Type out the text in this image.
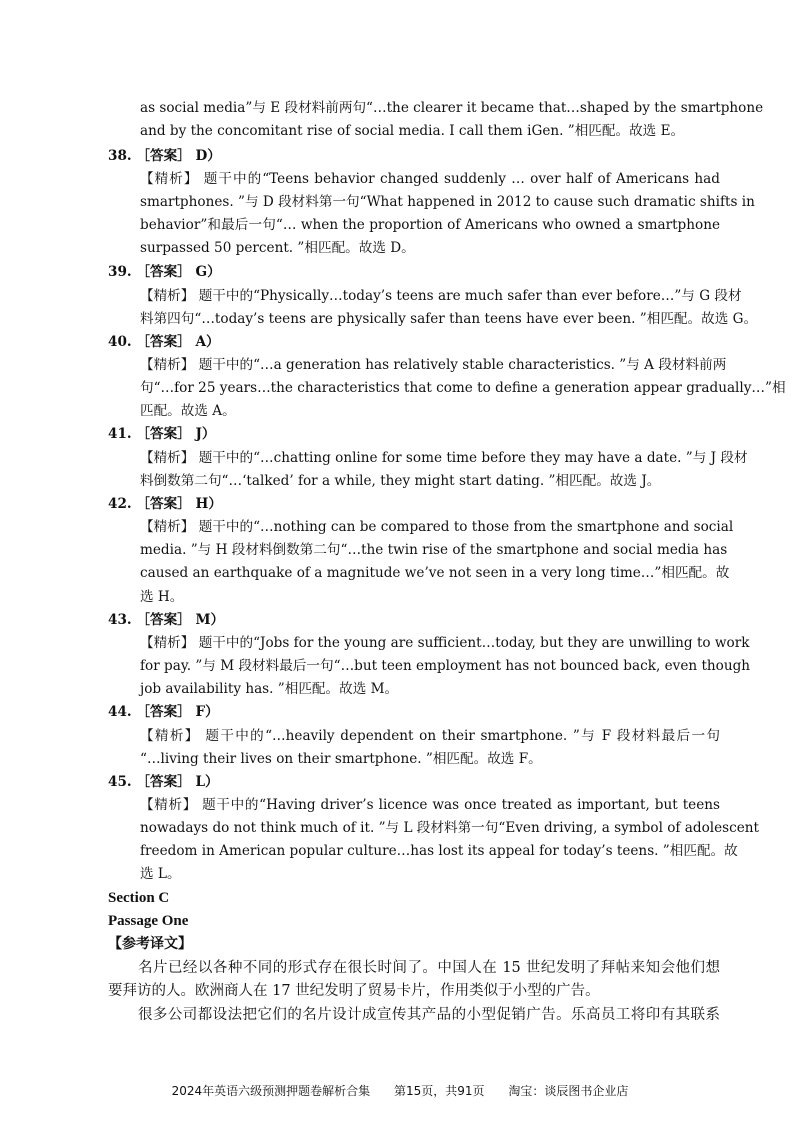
as social media”与 E 段材料前两句“…the clearer it became that…shaped by the smartphone
and by the concomitant rise of social media. I call them iGen. ”相匹配。故选 E。
38. ［答案］ D）
【精析】 题干中的“Teens behavior changed suddenly … over half of Americans had
smartphones. ”与 D 段材料第一句“What happened in 2012 to cause such dramatic shifts in
behavior”和最后一句“… when the proportion of Americans who owned a smartphone
surpassed 50 percent. ”相匹配。故选 D。
39. ［答案］ G）
【精析】 题干中的“Physically…today’s teens are much safer than ever before…”与 G 段材
料第四句“…today’s teens are physically safer than teens have ever been. ”相匹配。故选 G。
40. ［答案］ A）
【精析】 题干中的“…a generation has relatively stable characteristics. ”与 A 段材料前两
句“…for 25 years…the characteristics that come to define a generation appear gradually…”相
匹配。故选 A。
41. ［答案］ J）
【精析】 题干中的“…chatting online for some time before they may have a date. ”与 J 段材
料倒数第二句“…‘talked’ for a while, they might start dating. ”相匹配。故选 J。
42. ［答案］ H）
【精析】 题干中的“…nothing can be compared to those from the smartphone and social
media. ”与 H 段材料倒数第二句“…the twin rise of the smartphone and social media has
caused an earthquake of a magnitude we’ve not seen in a very long time…”相匹配。故
选 H。
43. ［答案］ M）
【精析】 题干中的“Jobs for the young are sufficient…today, but they are unwilling to work
for pay. ”与 M 段材料最后一句“…but teen employment has not bounced back, even though
job availability has. ”相匹配。故选 M。
44. ［答案］ F）
【精析】 题干中的“…heavily dependent on their smartphone. ”与 F 段材料最后一句
“…living their lives on their smartphone. ”相匹配。故选 F。
45. ［答案］ L）
【精析】 题干中的“Having driver’s licence was once treated as important, but teens
nowadays do not think much of it. ”与 L 段材料第一句“Even driving, a symbol of adolescent
freedom in American popular culture…has lost its appeal for today’s teens. ”相匹配。故
选 L。
Section C
Passage One
【参考译文】
名片已经以各种不同的形式存在很长时间了。中国人在 15 世纪发明了拜帖来知会他们想
要拜访的人。欧洲商人在 17 世纪发明了贸易卡片，作用类似于小型的广告。
很多公司都设法把它们的名片设计成宣传其产品的小型促销广告。乐高员工将印有其联系
2024年英语六级预测押题卷解析合集 第15页，共91页 淘宝：谈辰图书企业店
